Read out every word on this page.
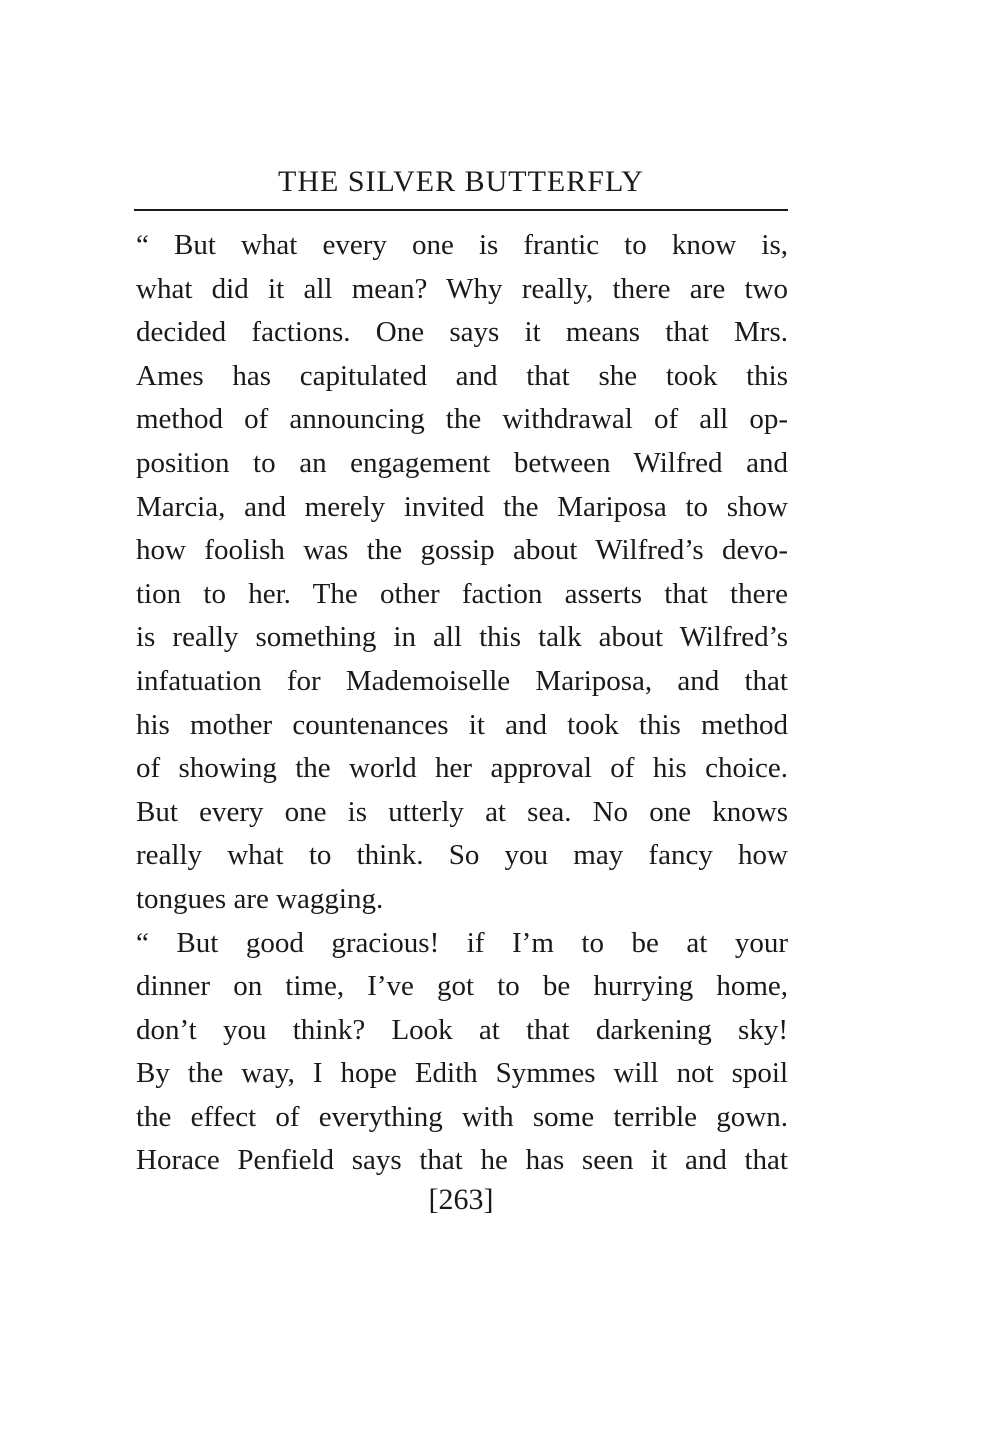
THE SILVER BUTTERFLY
“ But what every one is frantic to know is,
what did it all mean? Why really, there are two
decided factions. One says it means that Mrs.
Ames has capitulated and that she took this
method of announcing the withdrawal of all op-
position to an engagement between Wilfred and
Marcia, and merely invited the Mariposa to show
how foolish was the gossip about Wilfred’s devo-
tion to her. The other faction asserts that there
is really something in all this talk about Wilfred’s
infatuation for Mademoiselle Mariposa, and that
his mother countenances it and took this method
of showing the world her approval of his choice.
But every one is utterly at sea. No one knows
really what to think. So you may fancy how
tongues are wagging.
“ But good gracious! if I’m to be at your
dinner on time, I’ve got to be hurrying home,
don’t you think? Look at that darkening sky!
By the way, I hope Edith Symmes will not spoil
the effect of everything with some terrible gown.
Horace Penfield says that he has seen it and that
[263]
